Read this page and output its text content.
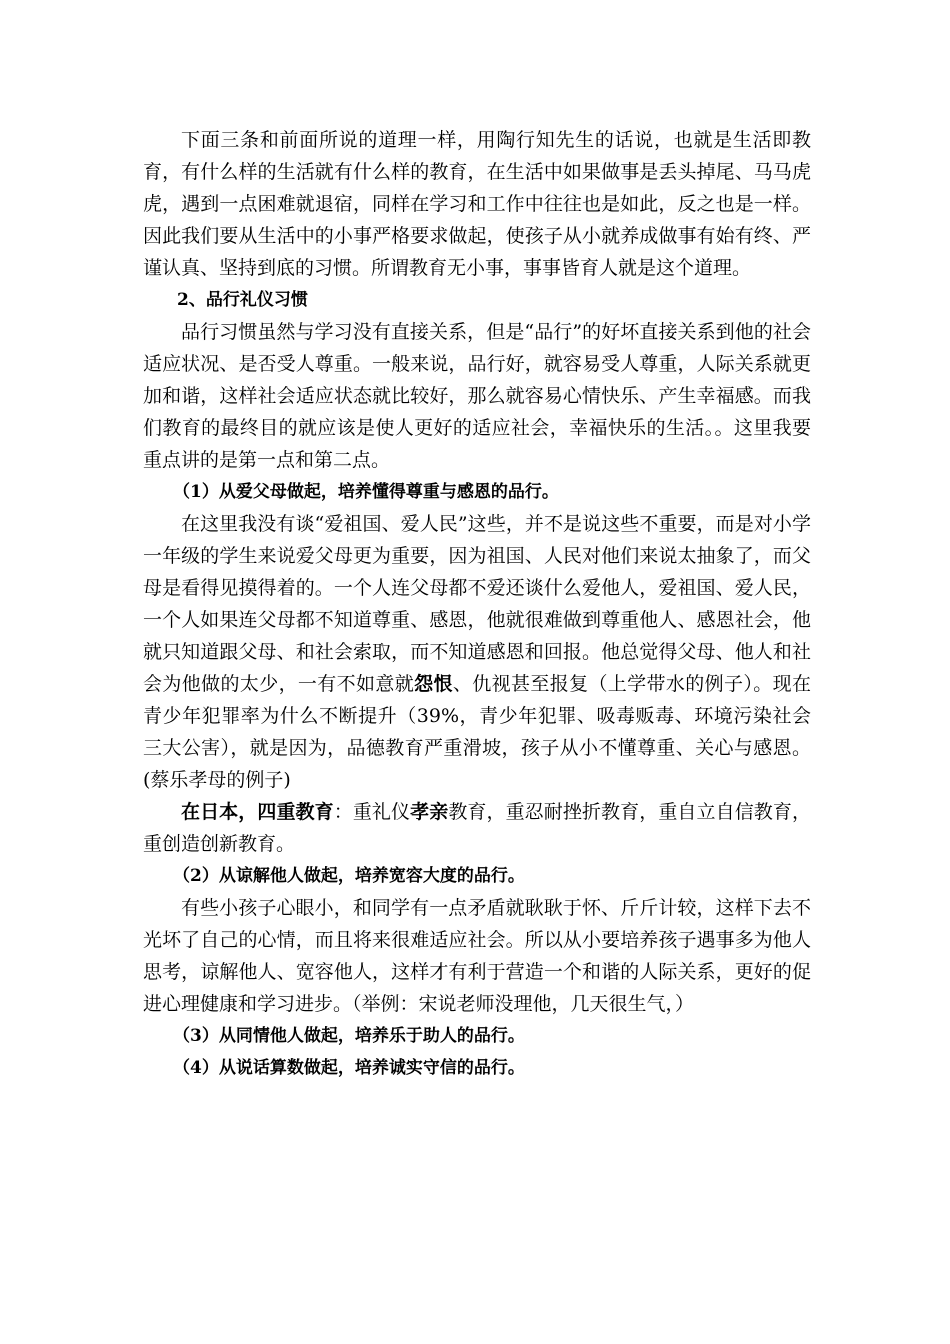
下面三条和前面所说的道理一样，用陶行知先生的话说，也就是生活即教育，有什么样的生活就有什么样的教育，在生活中如果做事是丢头掉尾、马马虎虎，遇到一点困难就退宿，同样在学习和工作中往往也是如此，反之也是一样。因此我们要从生活中的小事严格要求做起，使孩子从小就养成做事有始有终、严谨认真、坚持到底的习惯。所谓教育无小事，事事皆育人就是这个道理。

2、品行礼仪习惯

品行习惯虽然与学习没有直接关系，但是“品行”的好坏直接关系到他的社会适应状况、是否受人尊重。一般来说，品行好，就容易受人尊重，人际关系就更加和谐，这样社会适应状态就比较好，那么就容易心情快乐、产生幸福感。而我们教育的最终目的就应该是使人更好的适应社会，幸福快乐的生活。。这里我要重点讲的是第一点和第二点。

（1）从爱父母做起，培养懂得尊重与感恩的品行。

在这里我没有谈“爱祖国、爱人民”这些，并不是说这些不重要，而是对小学一年级的学生来说爱父母更为重要，因为祖国、人民对他们来说太抽象了，而父母是看得见摸得着的。一个人连父母都不爱还谈什么爱他人，爱祖国、爱人民，一个人如果连父母都不知道尊重、感恩，他就很难做到尊重他人、感恩社会，他就只知道跟父母、和社会索取，而不知道感恩和回报。他总觉得父母、他人和社会为他做的太少，一有不如意就怨恨、仇视甚至报复（上学带水的例子）。现在青少年犯罪率为什么不断提升（39%，青少年犯罪、吸毒贩毒、环境污染社会三大公害），就是因为，品德教育严重滑坡，孩子从小不懂尊重、关心与感恩。(蔡乐孝母的例子)

在日本，四重教育：重礼仪孝亲教育，重忍耐挫折教育，重自立自信教育，重创造创新教育。

（2）从谅解他人做起，培养宽容大度的品行。

有些小孩子心眼小，和同学有一点矛盾就耿耿于怀、斤斤计较，这样下去不光坏了自己的心情，而且将来很难适应社会。所以从小要培养孩子遇事多为他人思考，谅解他人、宽容他人，这样才有利于营造一个和谐的人际关系，更好的促进心理健康和学习进步。（举例：宋说老师没理他，几天很生气，）

（3）从同情他人做起，培养乐于助人的品行。

（4）从说话算数做起，培养诚实守信的品行。
